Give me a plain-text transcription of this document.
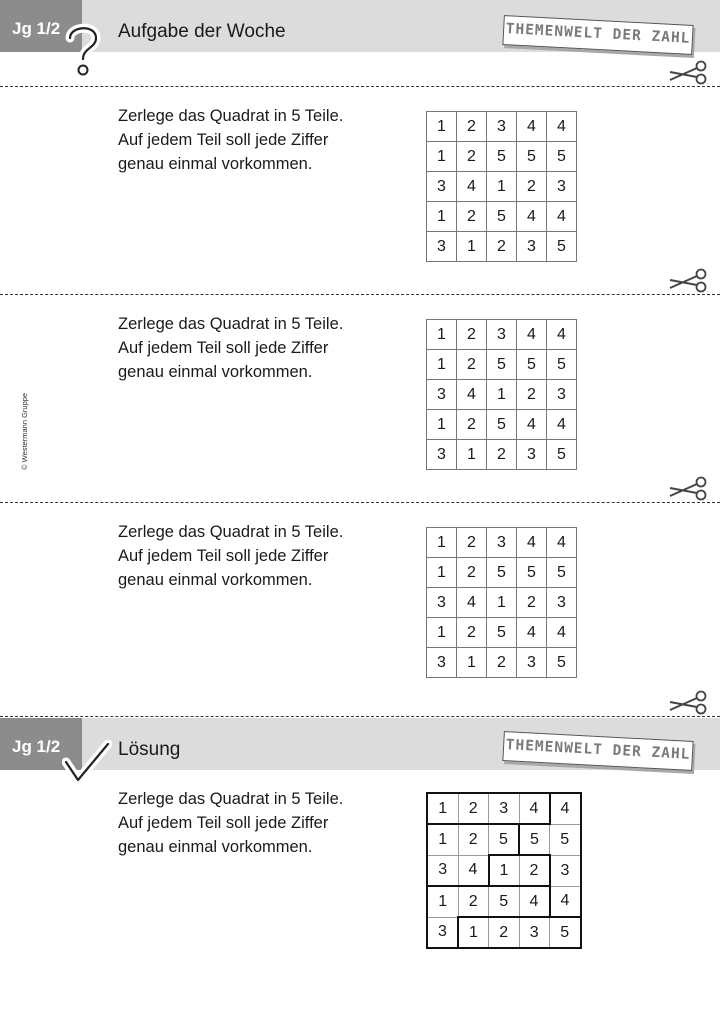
Jg 1/2	Aufgabe der Woche	THEMENWELT DER ZAHL

Zerlege das Quadrat in 5 Teile.
Auf jedem Teil soll jede Ziffer
genau einmal vorkommen.

1	2	3	4	4
1	2	5	5	5
3	4	1	2	3
1	2	5	4	4
3	1	2	3	5

Zerlege das Quadrat in 5 Teile.
Auf jedem Teil soll jede Ziffer
genau einmal vorkommen.

1	2	3	4	4
1	2	5	5	5
3	4	1	2	3
1	2	5	4	4
3	1	2	3	5

Zerlege das Quadrat in 5 Teile.
Auf jedem Teil soll jede Ziffer
genau einmal vorkommen.

1	2	3	4	4
1	2	5	5	5
3	4	1	2	3
1	2	5	4	4
3	1	2	3	5
Jg 1/2	Lösung	THEMENWELT DER ZAHL

Zerlege das Quadrat in 5 Teile.
Auf jedem Teil soll jede Ziffer
genau einmal vorkommen.

1	2	3	4	4
1	2	5	5	5
3	4	1	2	3
1	2	5	4	4
3	1	2	3	5
© Westermann Gruppe
